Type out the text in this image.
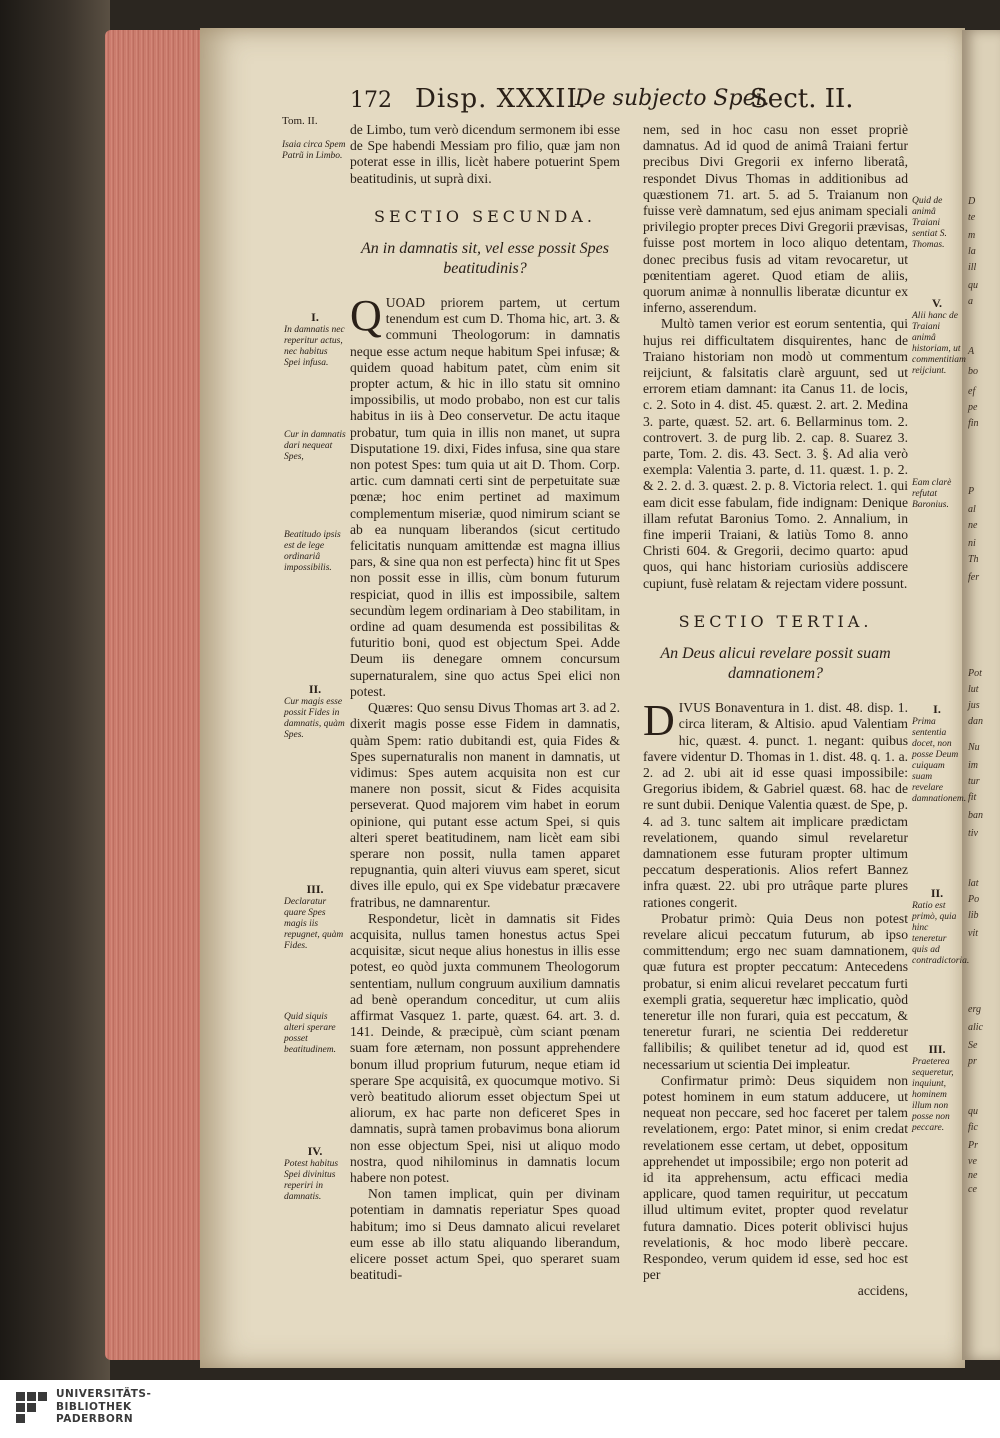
D
te
m
la
ill
qu
a
A
bo
ef
pe
fin
P
al
ne
ni
Th
fer
Pot
lut
jus
dan
Nu
im
tur
fit
ban
tiv
lat
Po
lib
vit
erg
alic
Se
pr
qu
fic
Pr
ve
ne
ce
172 Disp. XXXII.
De subjecto Spei.
Sect. II.
Tom. II.
Isaia circa Spem Patrũ in Limbo.
I.
In damnatis nec reperitur actus, nec habitus Spei infusa.
Cur in damnatis dari nequeat Spes,
Beatitudo ipsis est de lege ordinariâ impossibilis.
II.
Cur magis esse possit Fides in damnatis, quàm Spes.
III.
Declaratur quare Spes magis iis repugnet, quàm Fides.
Quid siquis alteri sperare posset beatitudinem.
IV.
Potest habitus Spei divinitus reperiri in damnatis.
Quid de animâ Traiani sentiat S. Thomas.
V.
Alii hanc de Traiani animâ historiam, ut commentitiam reijciunt.
Eam clarè refutat Baronius.
I.
Prima sententia docet, non posse Deum cuiquam suam revelare damnationem.
II.
Ratio est primò, quia hinc teneretur quis ad contradictoria.
III.
Praeterea sequeretur, inquiunt, hominem illum non posse non peccare.

de Limbo, tum verò dicendum sermonem ibi esse de Spe habendi Messiam pro filio, quæ jam non poterat esse in illis, licèt habere potuerint Spem beatitudinis, ut suprà dixi.

SECTIO SECUNDA.
An in damnatis sit, vel esse possit Spes beatitudinis?

QUOAD priorem partem, ut certum tenendum est cum D. Thoma hic, art. 3. & communi Theologorum: in damnatis neque esse actum neque habitum Spei infusæ; & quidem quoad habitum patet, cùm enim sit propter actum, & hic in illo statu sit omnino impossibilis, ut modo probabo, non est cur talis habitus in iis à Deo conservetur. De actu itaque probatur, tum quia in illis non manet, ut supra Disputatione 19. dixi, Fides infusa, sine qua stare non potest Spes: tum quia ut ait D. Thom. Corp. artic. cum damnati certi sint de perpetuitate suæ pœnæ; hoc enim pertinet ad maximum complementum miseriæ, quod nimirum sciant se ab ea nunquam liberandos (sicut certitudo felicitatis nunquam amittendæ est magna illius pars, & sine qua non est perfecta) hinc fit ut Spes non possit esse in illis, cùm bonum futurum respiciat, quod in illis est impossibile, saltem secundùm legem ordinariam à Deo stabilitam, in ordine ad quam desumenda est possibilitas & futuritio boni, quod est objectum Spei. Adde Deum iis denegare omnem concursum supernaturalem, sine quo actus Spei elici non potest.

Quæres: Quo sensu Divus Thomas art 3. ad 2. dixerit magis posse esse Fidem in damnatis, quàm Spem: ratio dubitandi est, quia Fides & Spes supernaturalis non manent in damnatis, ut vidimus: Spes autem acquisita non est cur manere non possit, sicut & Fides acquisita perseverat. Quod majorem vim habet in eorum opinione, qui putant esse actum Spei, si quis alteri speret beatitudinem, nam licèt eam sibi sperare non possit, nulla tamen apparet repugnantia, quin alteri viuvus eam speret, sicut dives ille epulo, qui ex Spe videbatur præcavere fratribus, ne damnarentur.

Respondetur, licèt in damnatis sit Fides acquisita, nullus tamen honestus actus Spei acquisitæ, sicut neque alius honestus in illis esse potest, eo quòd juxta communem Theologorum sententiam, nullum congruum auxilium damnatis ad benè operandum conceditur, ut cum aliis affirmat Vasquez 1. parte, quæst. 64. art. 3. d. 141. Deinde, & præcipuè, cùm sciant pœnam suam fore æternam, non possunt apprehendere bonum illud proprium futurum, neque etiam id sperare Spe acquisitâ, ex quocumque motivo. Si verò beatitudo aliorum esset objectum Spei ut aliorum, ex hac parte non deficeret Spes in damnatis, suprà tamen probavimus bona aliorum non esse objectum Spei, nisi ut aliquo modo nostra, quod nihilominus in damnatis locum habere non potest.

Non tamen implicat, quin per divinam potentiam in damnatis reperiatur Spes quoad habitum; imo si Deus damnato alicui revelaret eum esse ab illo statu aliquando liberandum, elicere posset actum Spei, quo speraret suam beatitudi-

nem, sed in hoc casu non esset propriè damnatus. Ad id quod de animâ Traiani fertur precibus Divi Gregorii ex inferno liberatâ, respondet Divus Thomas in additionibus ad quæstionem 71. art. 5. ad 5. Traianum non fuisse verè damnatum, sed ejus animam speciali privilegio propter preces Divi Gregorii prævisas, fuisse post mortem in loco aliquo detentam, donec precibus fusis ad vitam revocaretur, ut pœnitentiam ageret. Quod etiam de aliis, quorum animæ à nonnullis liberatæ dicuntur ex inferno, asserendum.

Multò tamen verior est eorum sententia, qui hujus rei difficultatem disquirentes, hanc de Traiano historiam non modò ut commentum reijciunt, & falsitatis clarè arguunt, sed ut errorem etiam damnant: ita Canus 11. de locis, c. 2. Soto in 4. dist. 45. quæst. 2. art. 2. Medina 3. parte, quæst. 52. art. 6. Bellarminus tom. 2. controvert. 3. de purg lib. 2. cap. 8. Suarez 3. parte, Tom. 2. dis. 43. Sect. 3. §. Ad alia verò exempla: Valentia 3. parte, d. 11. quæst. 1. p. 2. & 2. 2. d. 3. quæst. 2. p. 8. Victoria relect. 1. qui eam dicit esse fabulam, fide indignam: Denique illam refutat Baronius Tomo. 2. Annalium, in fine imperii Traiani, & latiùs Tomo 8. anno Christi 604. & Gregorii, decimo quarto: apud quos, qui hanc historiam curiosiùs addiscere cupiunt, fusè relatam & rejectam videre possunt.

SECTIO TERTIA.
An Deus alicui revelare possit suam damnationem?

DIVUS Bonaventura in 1. dist. 48. disp. 1. circa literam, & Altisio. apud Valentiam hic, quæst. 4. punct. 1. negant: quibus favere videntur D. Thomas in 1. dist. 48. q. 1. a. 2. ad 2. ubi ait id esse quasi impossibile: Gregorius ibidem, & Gabriel quæst. 68. hac de re sunt dubii. Denique Valentia quæst. de Spe, p. 4. ad 3. tunc saltem ait implicare prædictam revelationem, quando simul revelaretur damnationem esse futuram propter ultimum peccatum desperationis. Alios refert Bannez infra quæst. 22. ubi pro utrâque parte plures rationes congerit.

Probatur primò: Quia Deus non potest revelare alicui peccatum futurum, ab ipso committendum; ergo nec suam damnationem, quæ futura est propter peccatum: Antecedens probatur, si enim alicui revelaret peccatum furti exempli gratia, sequeretur hæc implicatio, quòd teneretur ille non furari, quia est peccatum, & teneretur furari, ne scientia Dei redderetur fallibilis; & quilibet tenetur ad id, quod est necessarium ut scientia Dei impleatur.

Confirmatur primò: Deus siquidem non potest hominem in eum statum adducere, ut nequeat non peccare, sed hoc faceret per talem revelationem, ergo: Patet minor, si enim credat revelationem esse certam, ut debet, oppositum apprehendet ut impossibile; ergo non poterit ad id ita apprehensum, actu efficaci media applicare, quod tamen requiritur, ut peccatum illud ultimum evitet, propter quod revelatur futura damnatio. Dices poterit oblivisci hujus revelationis, & hoc modo liberè peccare. Respondeo, verum quidem id esse, sed hoc est per

accidens,

UNIVERSITÄTS-
BIBLIOTHEK
PADERBORN
